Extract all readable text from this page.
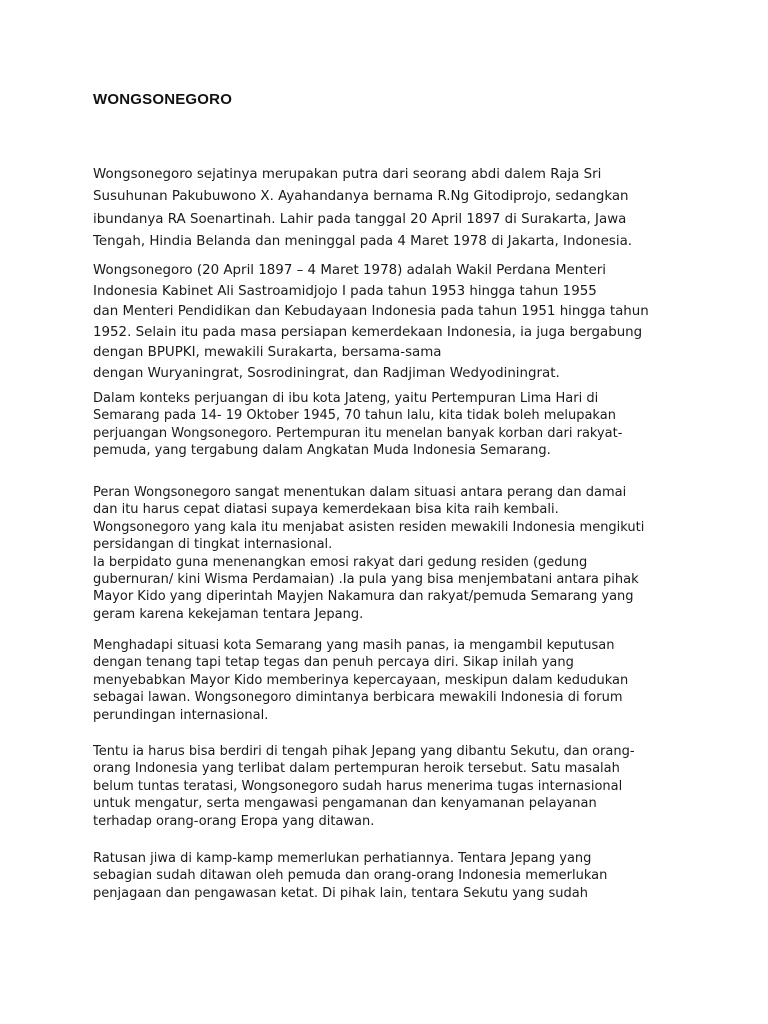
WONGSONEGORO

Wongsonegoro sejatinya merupakan putra dari seorang abdi dalem Raja Sri
Susuhunan Pakubuwono X. Ayahandanya bernama R.Ng Gitodiprojo, sedangkan
ibundanya RA Soenartinah. Lahir pada tanggal 20 April 1897 di Surakarta, Jawa
Tengah, Hindia Belanda dan meninggal pada 4 Maret 1978 di Jakarta, Indonesia.

Wongsonegoro (20 April 1897 – 4 Maret 1978) adalah Wakil Perdana Menteri
Indonesia Kabinet Ali Sastroamidjojo I pada tahun 1953 hingga tahun 1955
dan Menteri Pendidikan dan Kebudayaan Indonesia pada tahun 1951 hingga tahun
1952. Selain itu pada masa persiapan kemerdekaan Indonesia, ia juga bergabung
dengan BPUPKI, mewakili Surakarta, bersama-sama
dengan Wuryaningrat, Sosrodiningrat, dan Radjiman Wedyodiningrat.

Dalam konteks perjuangan di ibu kota Jateng, yaitu Pertempuran Lima Hari di
Semarang pada 14- 19 Oktober 1945, 70 tahun lalu, kita tidak boleh melupakan
perjuangan Wongsonegoro. Pertempuran itu menelan banyak korban dari rakyat-
pemuda, yang tergabung dalam Angkatan Muda Indonesia Semarang.

Peran Wongsonegoro sangat menentukan dalam situasi antara perang dan damai
dan itu harus cepat diatasi supaya kemerdekaan bisa kita raih kembali.
Wongsonegoro yang kala itu menjabat asisten residen mewakili Indonesia mengikuti
persidangan di tingkat internasional.
Ia berpidato guna menenangkan emosi rakyat dari gedung residen (gedung
gubernuran/ kini Wisma Perdamaian) .Ia pula yang bisa menjembatani antara pihak
Mayor Kido yang diperintah Mayjen Nakamura dan rakyat/pemuda Semarang yang
geram karena kekejaman tentara Jepang.

Menghadapi situasi kota Semarang yang masih panas, ia mengambil keputusan
dengan tenang tapi tetap tegas dan penuh percaya diri. Sikap inilah yang
menyebabkan Mayor Kido memberinya kepercayaan, meskipun dalam kedudukan
sebagai lawan. Wongsonegoro dimintanya berbicara mewakili Indonesia di forum
perundingan internasional.

Tentu ia harus bisa berdiri di tengah pihak Jepang yang dibantu Sekutu, dan orang-
orang Indonesia yang terlibat dalam pertempuran heroik tersebut. Satu masalah
belum tuntas teratasi, Wongsonegoro sudah harus menerima tugas internasional
untuk mengatur, serta mengawasi pengamanan dan kenyamanan pelayanan
terhadap orang-orang Eropa yang ditawan.

Ratusan jiwa di kamp-kamp memerlukan perhatiannya. Tentara Jepang yang
sebagian sudah ditawan oleh pemuda dan orang-orang Indonesia memerlukan
penjagaan dan pengawasan ketat. Di pihak lain, tentara Sekutu yang sudah
